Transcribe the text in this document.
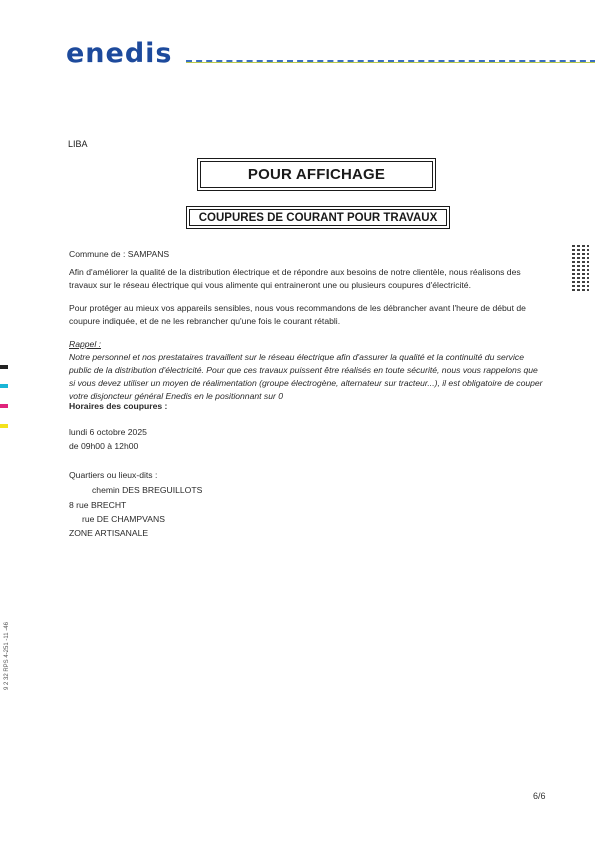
enedis
LIBA
POUR AFFICHAGE
COUPURES DE COURANT POUR TRAVAUX
Commune de : SAMPANS
Afin d'améliorer la qualité de la distribution électrique et de répondre aux besoins de notre clientèle, nous réalisons des travaux sur le réseau électrique qui vous alimente qui entraineront une ou plusieurs coupures d'électricité.
Pour protéger au mieux vos appareils sensibles, nous vous recommandons de les débrancher avant l'heure de début de coupure indiquée, et de ne les rebrancher qu'une fois le courant rétabli.
Rappel :
Notre personnel et nos prestataires travaillent sur le réseau électrique afin d'assurer la qualité et la continuité du service public de la distribution d'électricité. Pour que ces travaux puissent être réalisés en toute sécurité, nous vous rappelons que si vous devez utiliser un moyen de réalimentation (groupe électrogène, alternateur sur tracteur...), il est obligatoire de couper votre disjoncteur général Enedis en le positionnant sur 0
Horaires des coupures :
lundi 6 octobre 2025
de 09h00 à 12h00
Quartiers ou lieux-dits :
chemin DES BREGUILLOTS
8 rue BRECHT
rue DE CHAMPVANS
ZONE ARTISANALE
9 2 32 RPS 4-251 -11 -46
6/6
